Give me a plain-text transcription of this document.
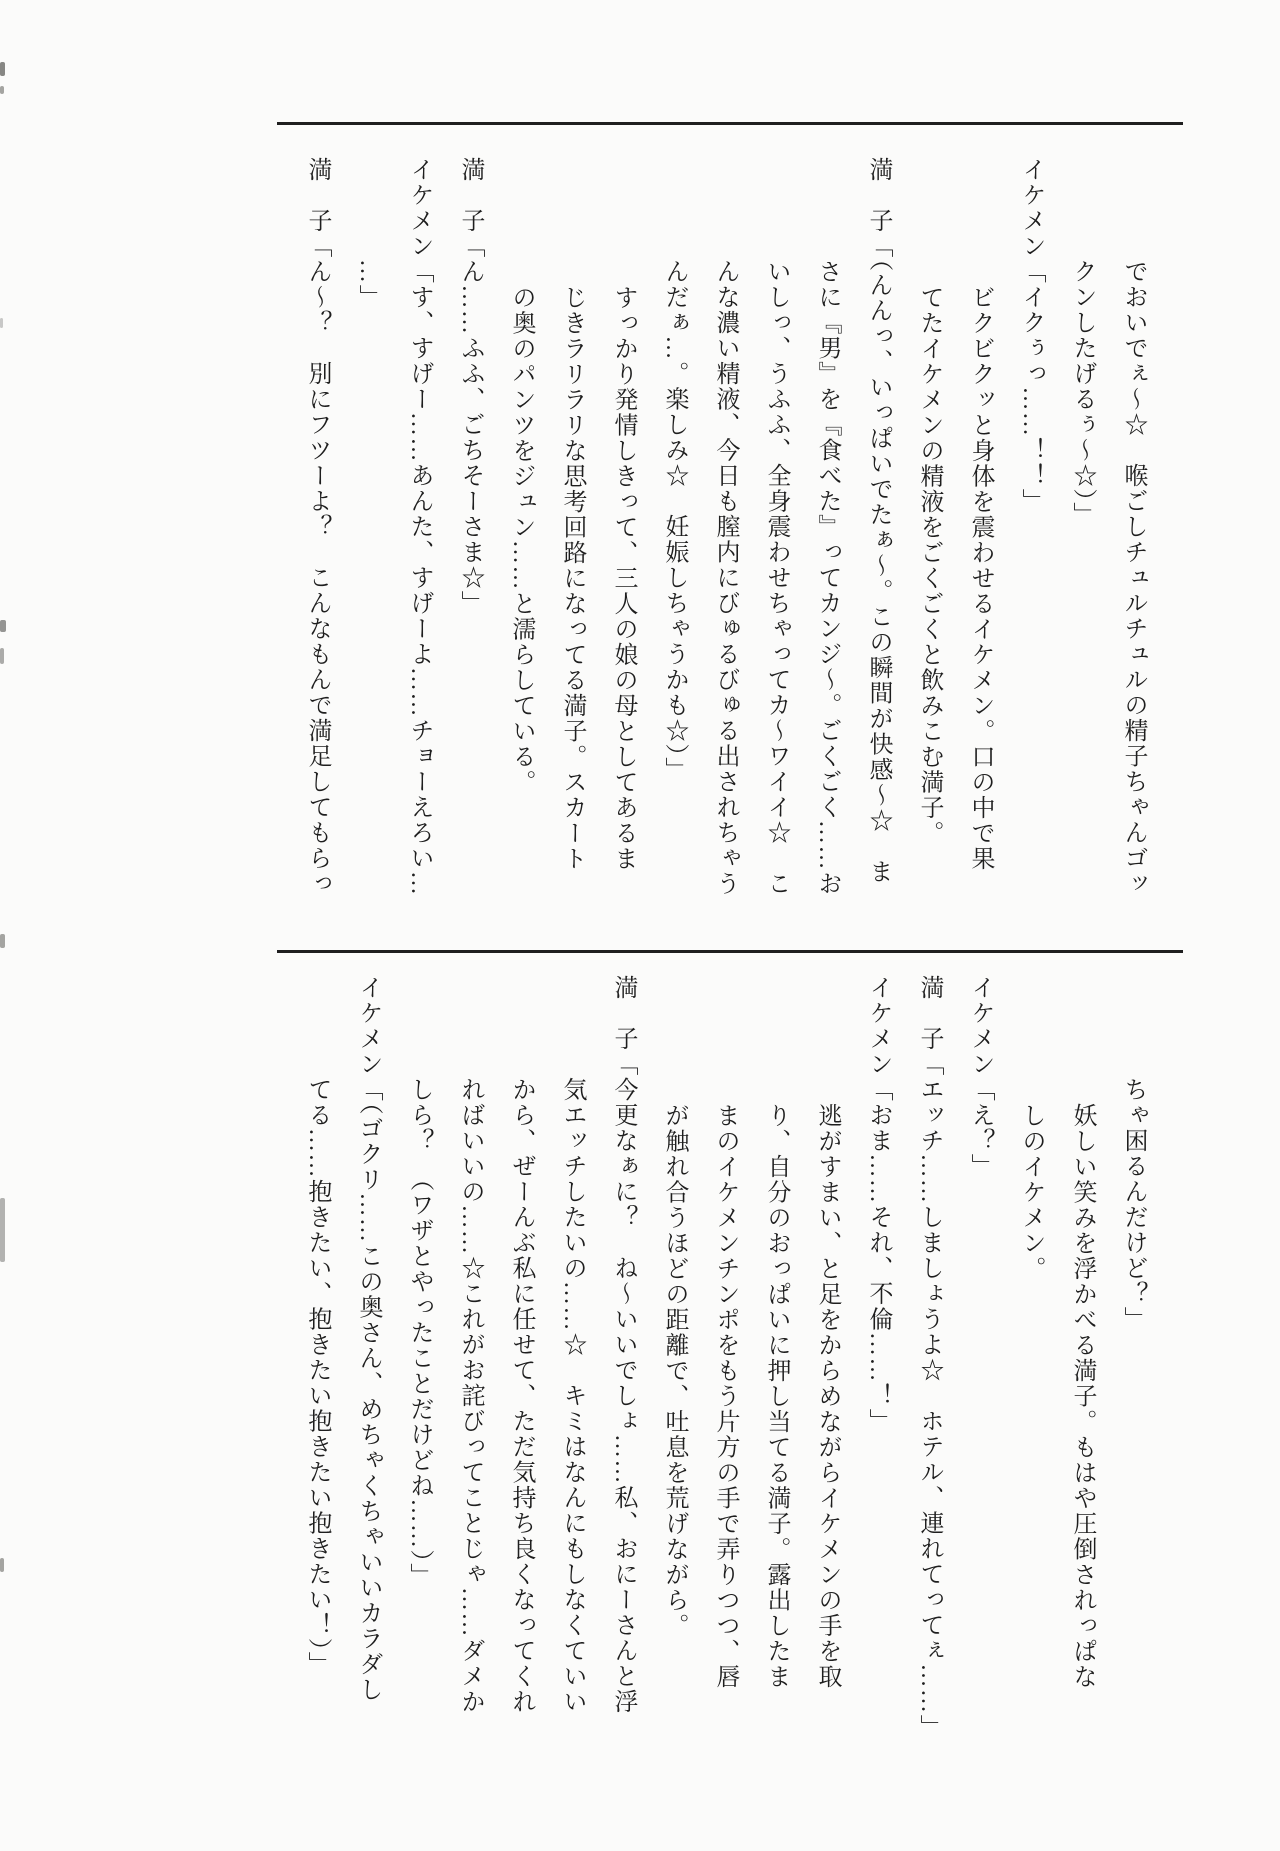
でおいでぇ～☆　喉ごしチュルチュルの精子ちゃんゴッ
クンしたげるぅ～☆）」
イケメン「イクぅっ……！！」
ビクビクッと身体を震わせるイケメン。口の中で果
てたイケメンの精液をごくごくと飲みこむ満子。
満　子「（んんっ、いっぱいでたぁ～。この瞬間が快感～☆　ま
さに『男』を『食べた』ってカンジ～。ごくごく……お
いしっ、うふふ、全身震わせちゃってカ～ワイイ☆　こ
んな濃い精液、今日も膣内にびゅるびゅる出されちゃう
んだぁ…。楽しみ☆　妊娠しちゃうかも☆）」
すっかり発情しきって、三人の娘の母としてあるま
じきラリラリな思考回路になってる満子。スカート
の奥のパンツをジュン……と濡らしている。
満　子「ん……ふふ、ごちそーさま☆」
イケメン「す、すげー……あんた、すげーよ……チョーえろい…
…」
満　子「ん～？　別にフツーよ？　こんなもんで満足してもらっ
ちゃ困るんだけど？」
妖しい笑みを浮かべる満子。もはや圧倒されっぱな
しのイケメン。
イケメン「え？」
満　子「エッチ……しましょうよ☆　ホテル、連れてってぇ……」
イケメン「おま……それ、不倫……！」
逃がすまい、と足をからめながらイケメンの手を取
り、自分のおっぱいに押し当てる満子。露出したま
まのイケメンチンポをもう片方の手で弄りつつ、唇
が触れ合うほどの距離で、吐息を荒げながら。
満　子「今更なぁに？　ね～いいでしょ……私、おにーさんと浮
気エッチしたいの……☆　キミはなんにもしなくていい
から、ぜーんぶ私に任せて、ただ気持ち良くなってくれ
ればいいの……☆これがお詫びってことじゃ……ダメか
しら？　（ワザとやったことだけどね……）」
イケメン「（ゴクリ……この奥さん、めちゃくちゃいいカラダし
てる……抱きたい、抱きたい抱きたい抱きたい！）」
